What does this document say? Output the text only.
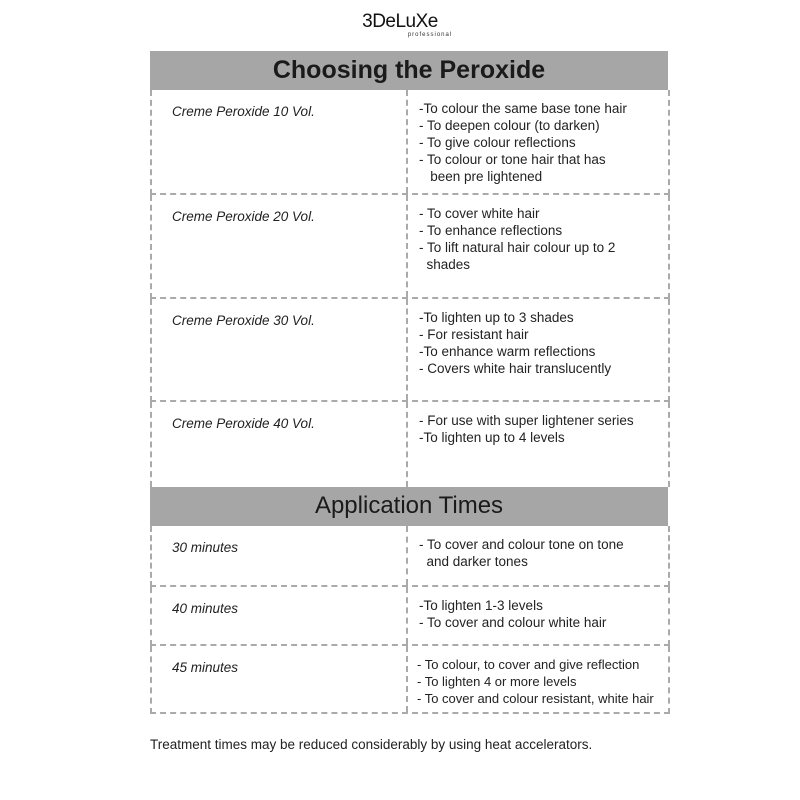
3DeLuXe
professional
Choosing the Peroxide
Creme Peroxide 10 Vol.	-To colour the same base tone hair
- To deepen colour (to darken)
- To give colour reflections
- To colour or tone hair that has
been pre lightened
Creme Peroxide 20 Vol.	- To cover white hair
- To enhance reflections
- To lift natural hair colour up to 2
shades
Creme Peroxide 30 Vol.	-To lighten up to 3 shades
- For resistant hair
-To enhance warm reflections
- Covers white hair translucently
Creme Peroxide 40 Vol.	- For use with super lightener series
-To lighten up to 4 levels
Application Times
30 minutes	- To cover and colour tone on tone
and darker tones
40 minutes	-To lighten 1-3 levels
- To cover and colour white hair
45 minutes	- To colour, to cover and give reflection
- To lighten 4 or more levels
- To cover and colour resistant, white hair
Treatment times may be reduced considerably by using heat accelerators.
